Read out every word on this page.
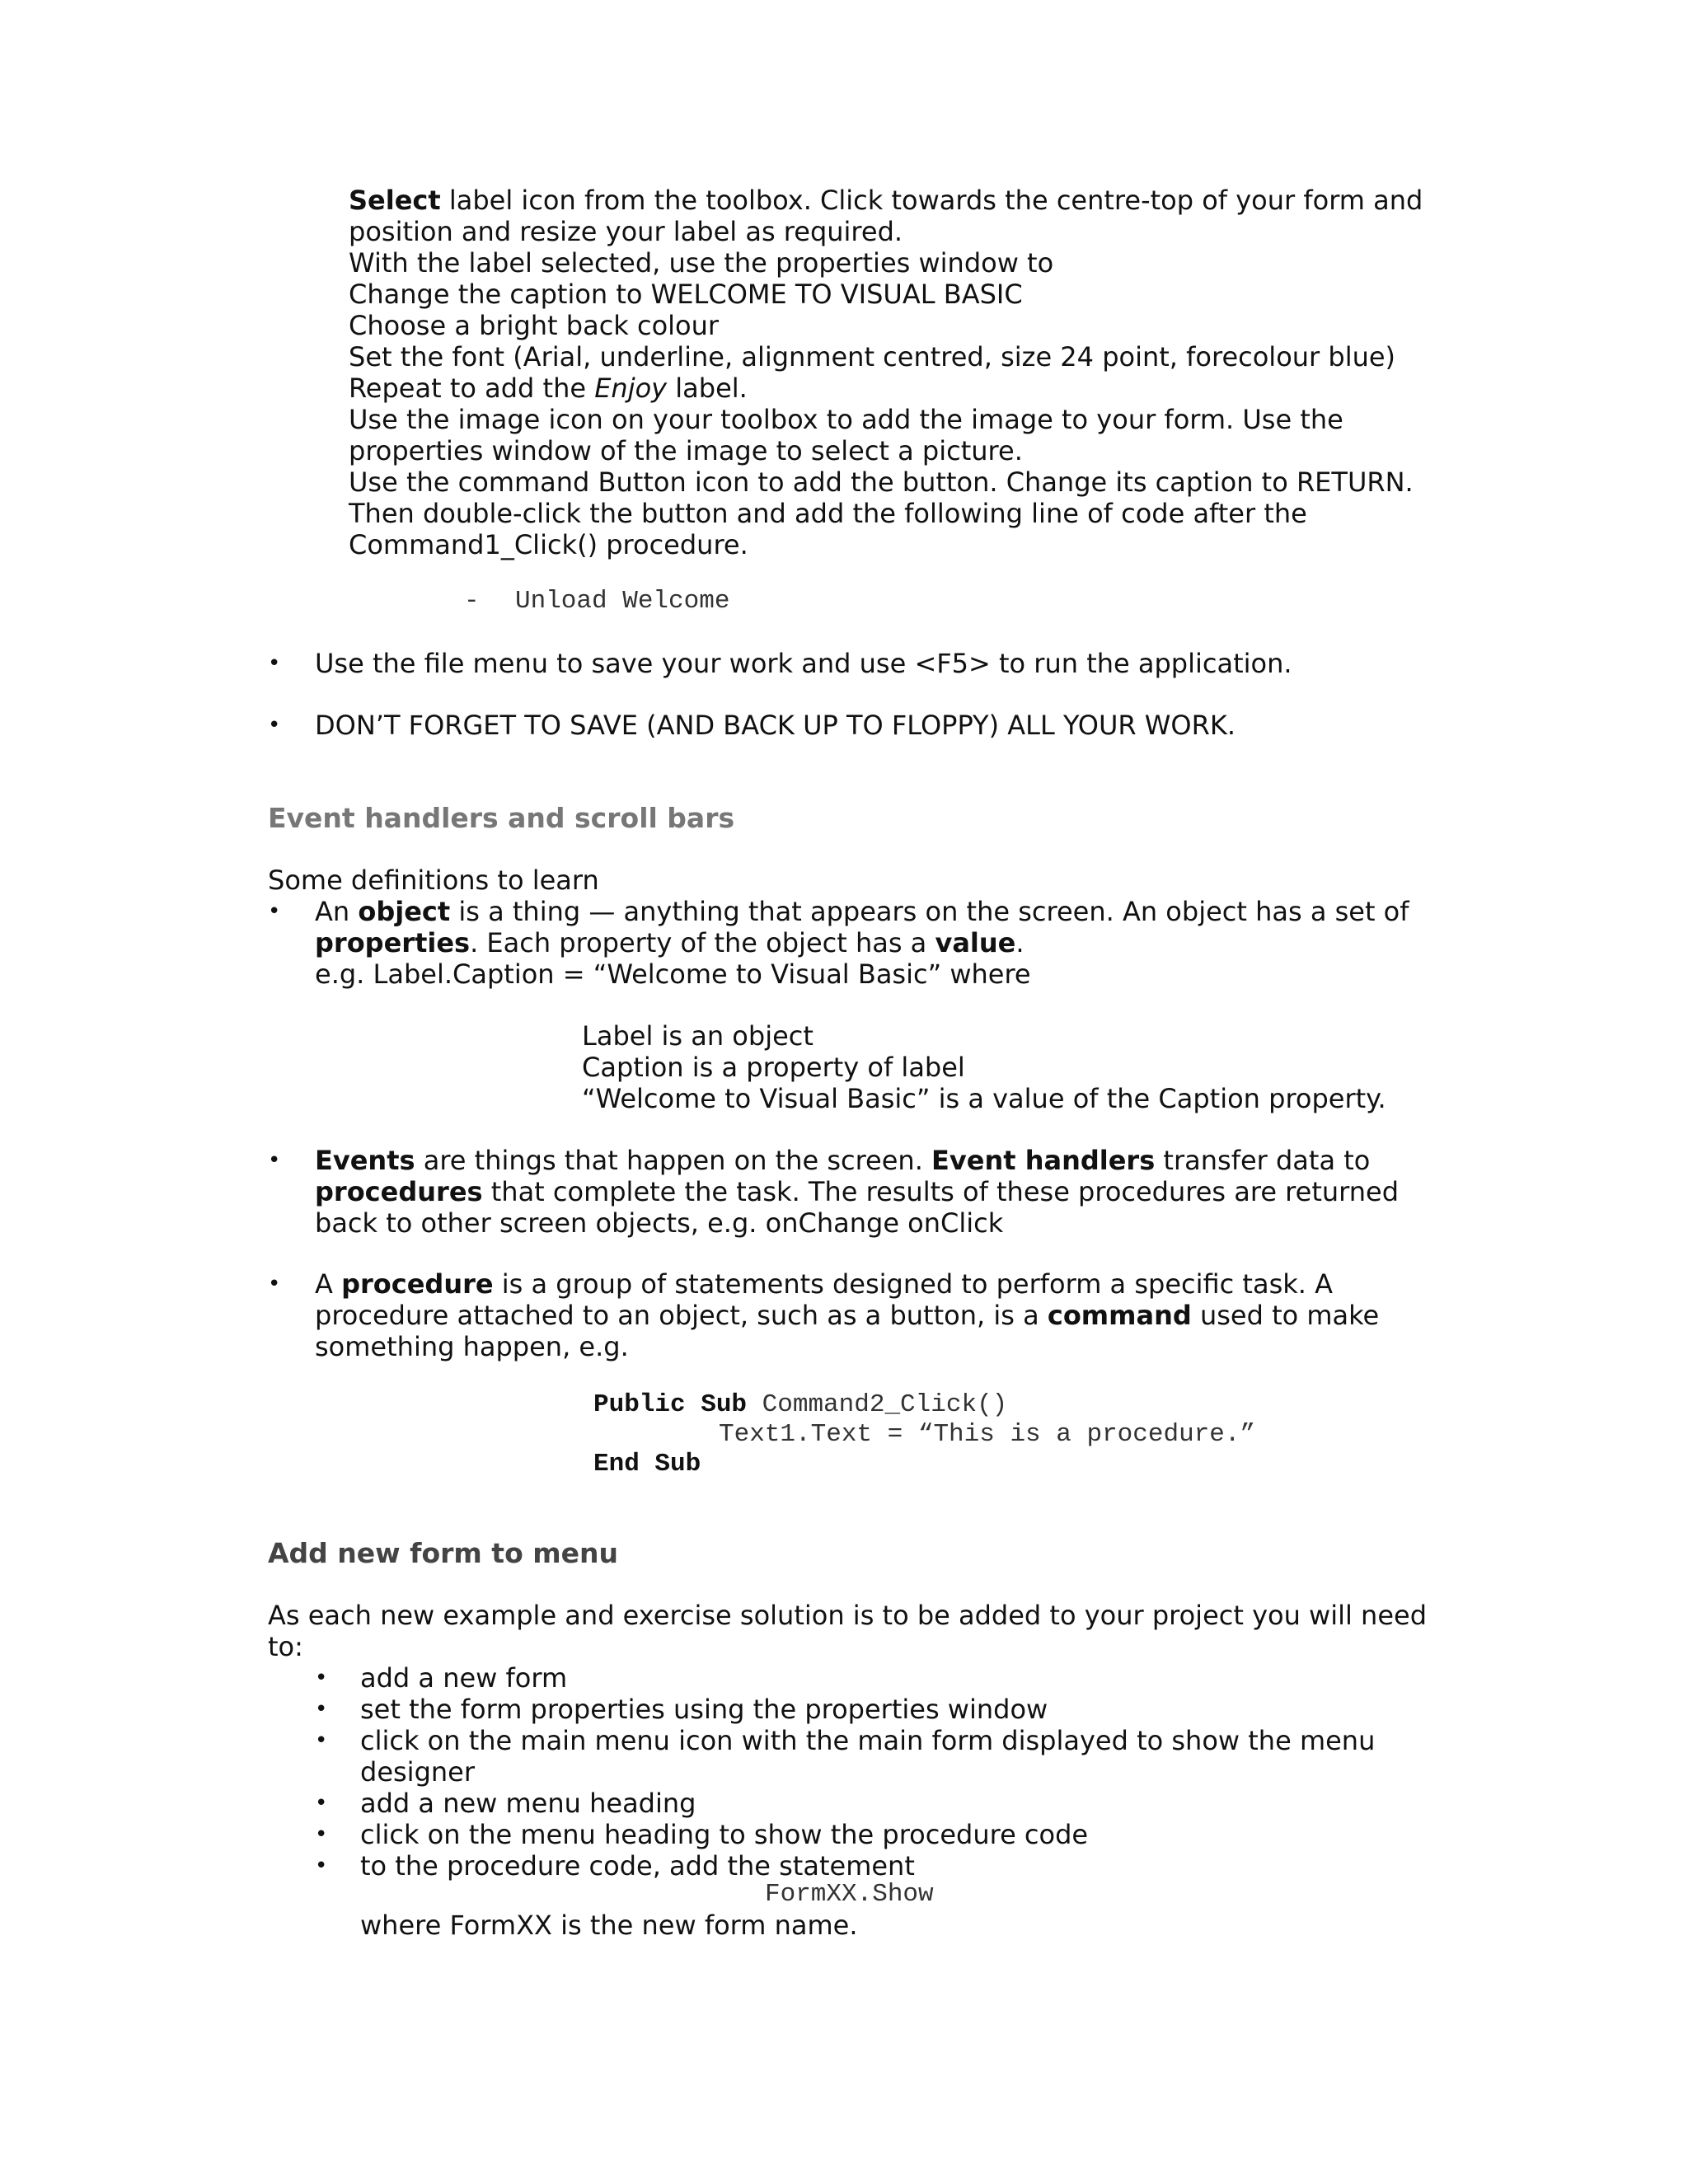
Select label icon from the toolbox. Click towards the centre-top of your form and
position and resize your label as required.
With the label selected, use the properties window to
Change the caption to WELCOME TO VISUAL BASIC
Choose a bright back colour
Set the font (Arial, underline, alignment centred, size 24 point, forecolour blue)
Repeat to add the Enjoy label.
Use the image icon on your toolbox to add the image to your form. Use the
properties window of the image to select a picture.
Use the command Button icon to add the button. Change its caption to RETURN.
Then double-click the button and add the following line of code after the
Command1_Click() procedure.
- Unload Welcome
• Use the file menu to save your work and use <F5> to run the application.
• DON’T FORGET TO SAVE (AND BACK UP TO FLOPPY) ALL YOUR WORK.
Event handlers and scroll bars
Some definitions to learn
• An object is a thing — anything that appears on the screen. An object has a set of
properties. Each property of the object has a value.
e.g. Label.Caption = “Welcome to Visual Basic” where
Label is an object
Caption is a property of label
“Welcome to Visual Basic” is a value of the Caption property.
• Events are things that happen on the screen. Event handlers transfer data to
procedures that complete the task. The results of these procedures are returned
back to other screen objects, e.g. onChange onClick
• A procedure is a group of statements designed to perform a specific task. A
procedure attached to an object, such as a button, is a command used to make
something happen, e.g.
Public Sub Command2_Click()
Text1.Text = “This is a procedure.”
End Sub
Add new form to menu
As each new example and exercise solution is to be added to your project you will need
to:
• add a new form
• set the form properties using the properties window
• click on the main menu icon with the main form displayed to show the menu
designer
• add a new menu heading
• click on the menu heading to show the procedure code
• to the procedure code, add the statement
FormXX.Show
where FormXX is the new form name.
